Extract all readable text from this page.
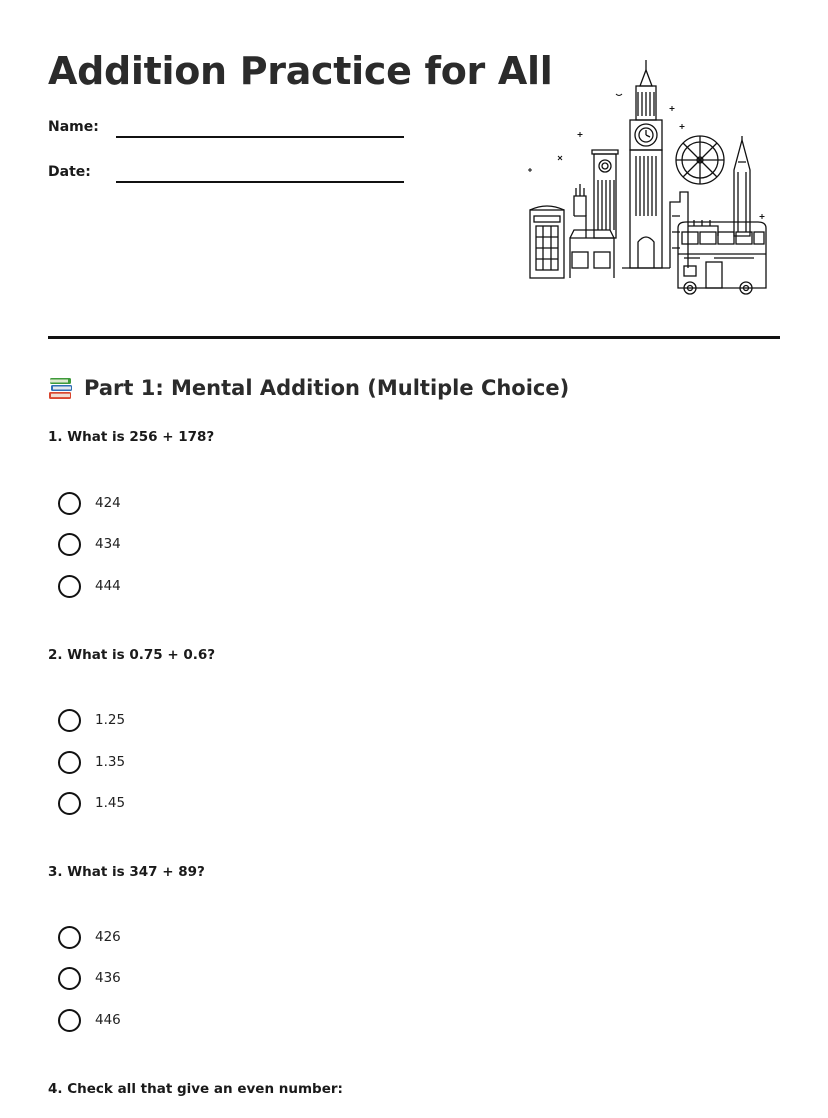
Addition Practice for All
Name:
Date:
Part 1: Mental Addition (Multiple Choice)

1. What is 256 + 178?

424
434
444

2. What is 0.75 + 0.6?

1.25
1.35
1.45

3. What is 347 + 89?

426
436
446

4. Check all that give an even number:
